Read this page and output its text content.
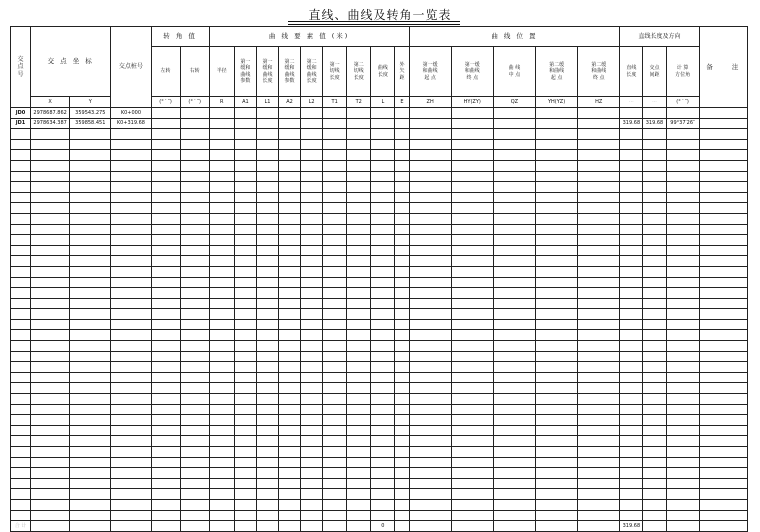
直线、曲线及转角一览表
交
点
号	交 点 坐 标		交点桩号	转 角 值		曲 线 要 素 值 (米)									曲 线 位 置					直线长度及方向			备　　注
				左转	右转	半径	第一
缓和
曲线
参数	第一
缓和
曲线
长度	第二
缓和
曲线
参数	第二
缓和
曲线
长度	第一
切线
长度	第二
切线
长度	曲线
长度	外
矢
距	第一缓
和曲线
起 点	第一缓
和曲线
终 点	曲 线
中 点	第二缓
和曲线
起 点	第二缓
和曲线
终 点	直线
长度	交点
间距	计 算
方位角	
	X	Y		(° ′ ″)	(° ′ ″)	R	A1	L1	A2	L2	T1	T2	L	E	ZH	HY(ZY)	QZ	YH(YZ)	HZ	···	···	(° ′ ″)	
JD0	2978687.862	359543.275	K0+000																				
JD1	2978634.387	359858.451	K0+319.68																	319.68	319.68	99°37′26″	

合 计													0							319.68			
